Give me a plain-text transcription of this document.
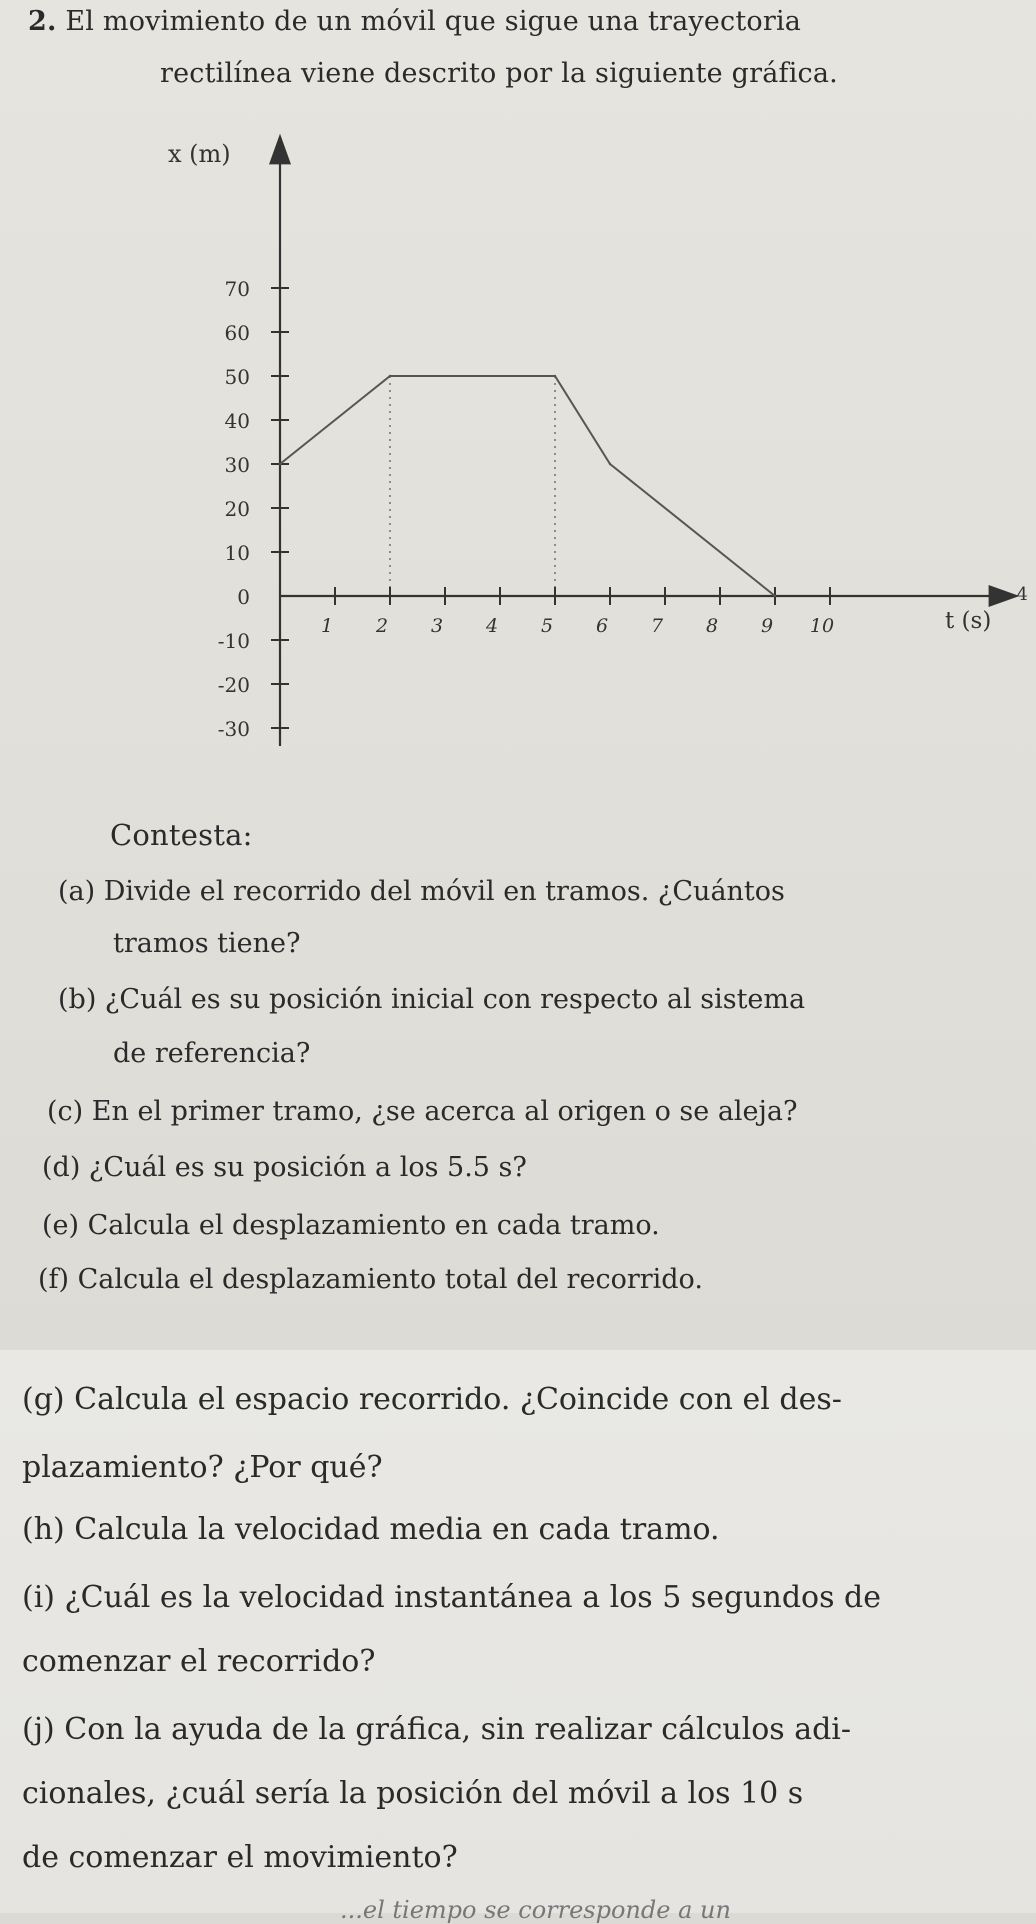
2. El movimiento de un móvil que sigue una trayectoria
rectilínea viene descrito por la siguiente gráfica.
70
60
50
40
30
20
10
0
-10
-20
-30
1 2 3 4 5 6 7 8 9 10
x (m)
t (s)
4
Contesta:
(a) Divide el recorrido del móvil en tramos. ¿Cuántos
tramos tiene?
(b) ¿Cuál es su posición inicial con respecto al sistema
de referencia?
(c) En el primer tramo, ¿se acerca al origen o se aleja?
(d) ¿Cuál es su posición a los 5.5 s?
(e) Calcula el desplazamiento en cada tramo.
(f) Calcula el desplazamiento total del recorrido.
(g) Calcula el espacio recorrido. ¿Coincide con el des-
plazamiento? ¿Por qué?
(h) Calcula la velocidad media en cada tramo.
(i) ¿Cuál es la velocidad instantánea a los 5 segundos de
comenzar el recorrido?
(j) Con la ayuda de la gráfica, sin realizar cálculos adi-
cionales, ¿cuál sería la posición del móvil a los 10 s
de comenzar el movimiento?
...el tiempo se corresponde a un
